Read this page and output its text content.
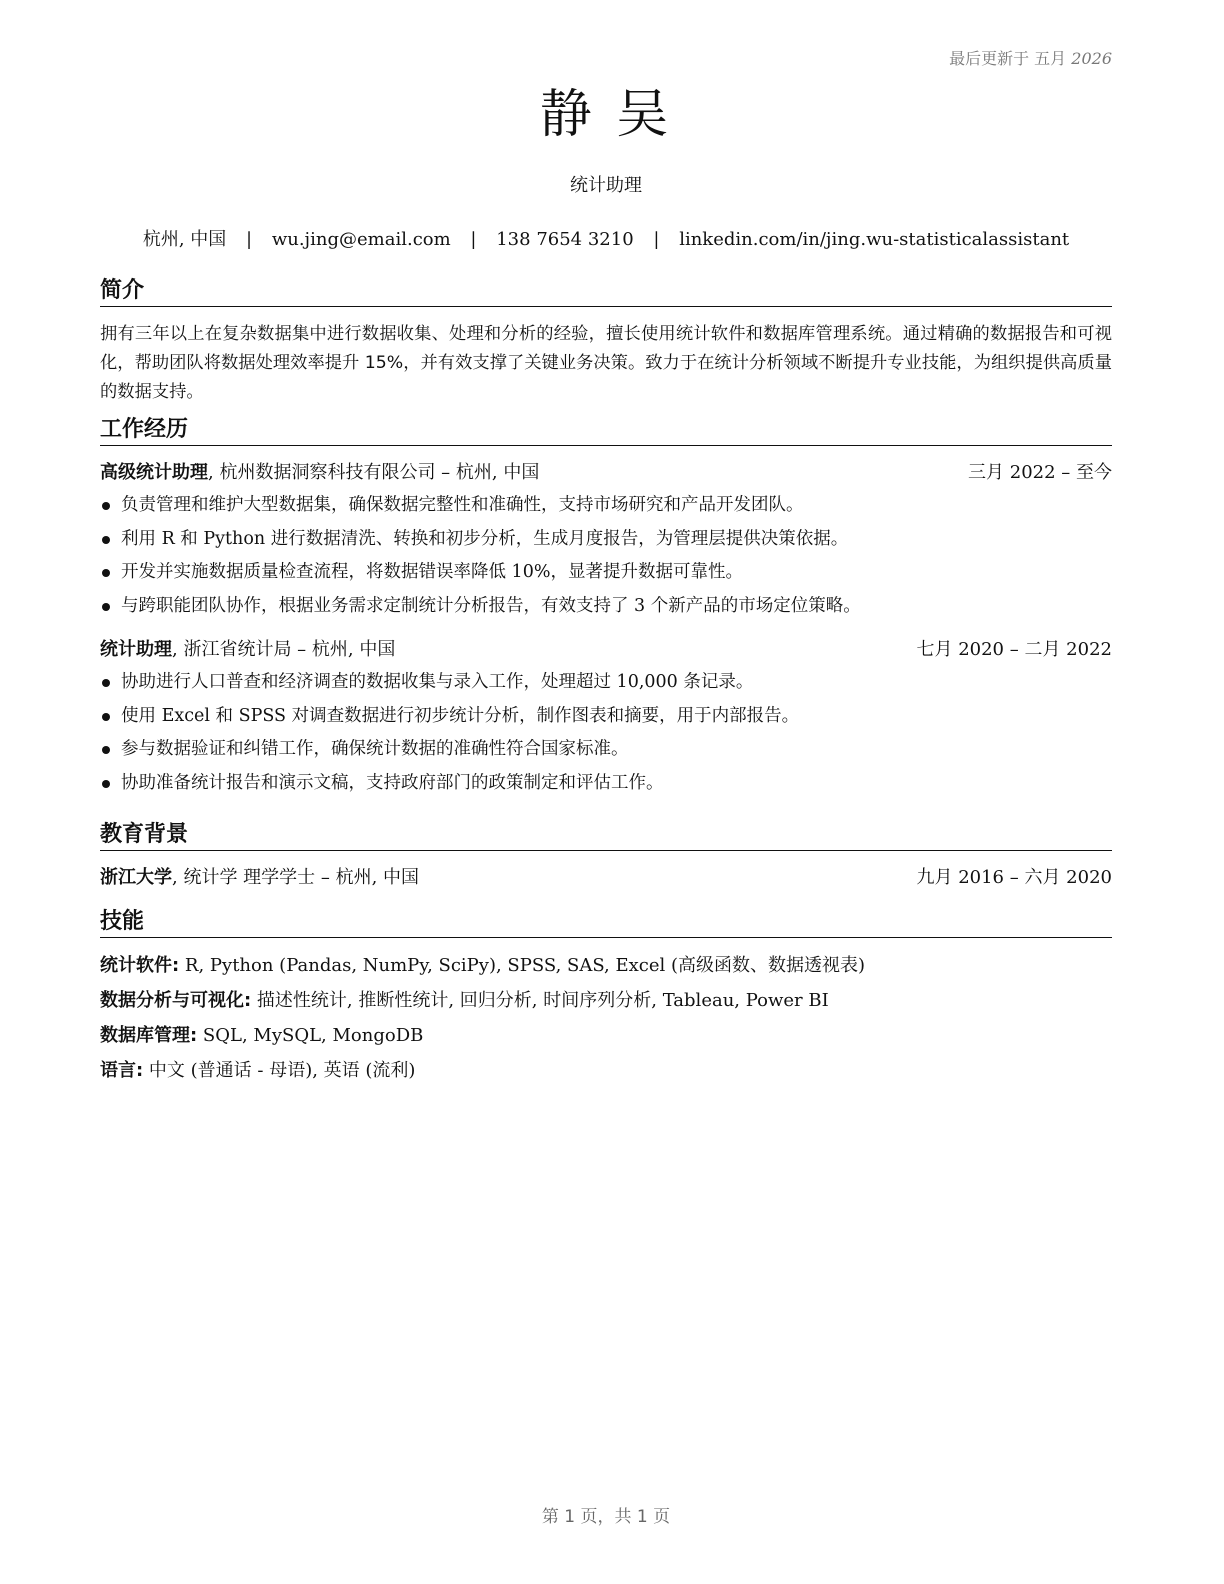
最后更新于 五月 2026
静 吴
统计助理
杭州, 中国 | wu.jing@email.com | 138 7654 3210 | linkedin.com/in/jing.wu-statisticalassistant
简介
拥有三年以上在复杂数据集中进行数据收集、处理和分析的经验，擅长使用统计软件和数据库管理系统。通过精确的数据报告和可视化，帮助团队将数据处理效率提升 15%，并有效支撑了关键业务决策。致力于在统计分析领域不断提升专业技能，为组织提供高质量的数据支持。
工作经历
高级统计助理, 杭州数据洞察科技有限公司 – 杭州, 中国	三月 2022 – 至今
负责管理和维护大型数据集，确保数据完整性和准确性，支持市场研究和产品开发团队。
利用 R 和 Python 进行数据清洗、转换和初步分析，生成月度报告，为管理层提供决策依据。
开发并实施数据质量检查流程，将数据错误率降低 10%，显著提升数据可靠性。
与跨职能团队协作，根据业务需求定制统计分析报告，有效支持了 3 个新产品的市场定位策略。
统计助理, 浙江省统计局 – 杭州, 中国	七月 2020 – 二月 2022
协助进行人口普查和经济调查的数据收集与录入工作，处理超过 10,000 条记录。
使用 Excel 和 SPSS 对调查数据进行初步统计分析，制作图表和摘要，用于内部报告。
参与数据验证和纠错工作，确保统计数据的准确性符合国家标准。
协助准备统计报告和演示文稿，支持政府部门的政策制定和评估工作。
教育背景
浙江大学, 统计学 理学学士 – 杭州, 中国	九月 2016 – 六月 2020
技能
统计软件: R, Python (Pandas, NumPy, SciPy), SPSS, SAS, Excel (高级函数、数据透视表)
数据分析与可视化: 描述性统计, 推断性统计, 回归分析, 时间序列分析, Tableau, Power BI
数据库管理: SQL, MySQL, MongoDB
语言: 中文 (普通话 - 母语), 英语 (流利)
第 1 页，共 1 页
